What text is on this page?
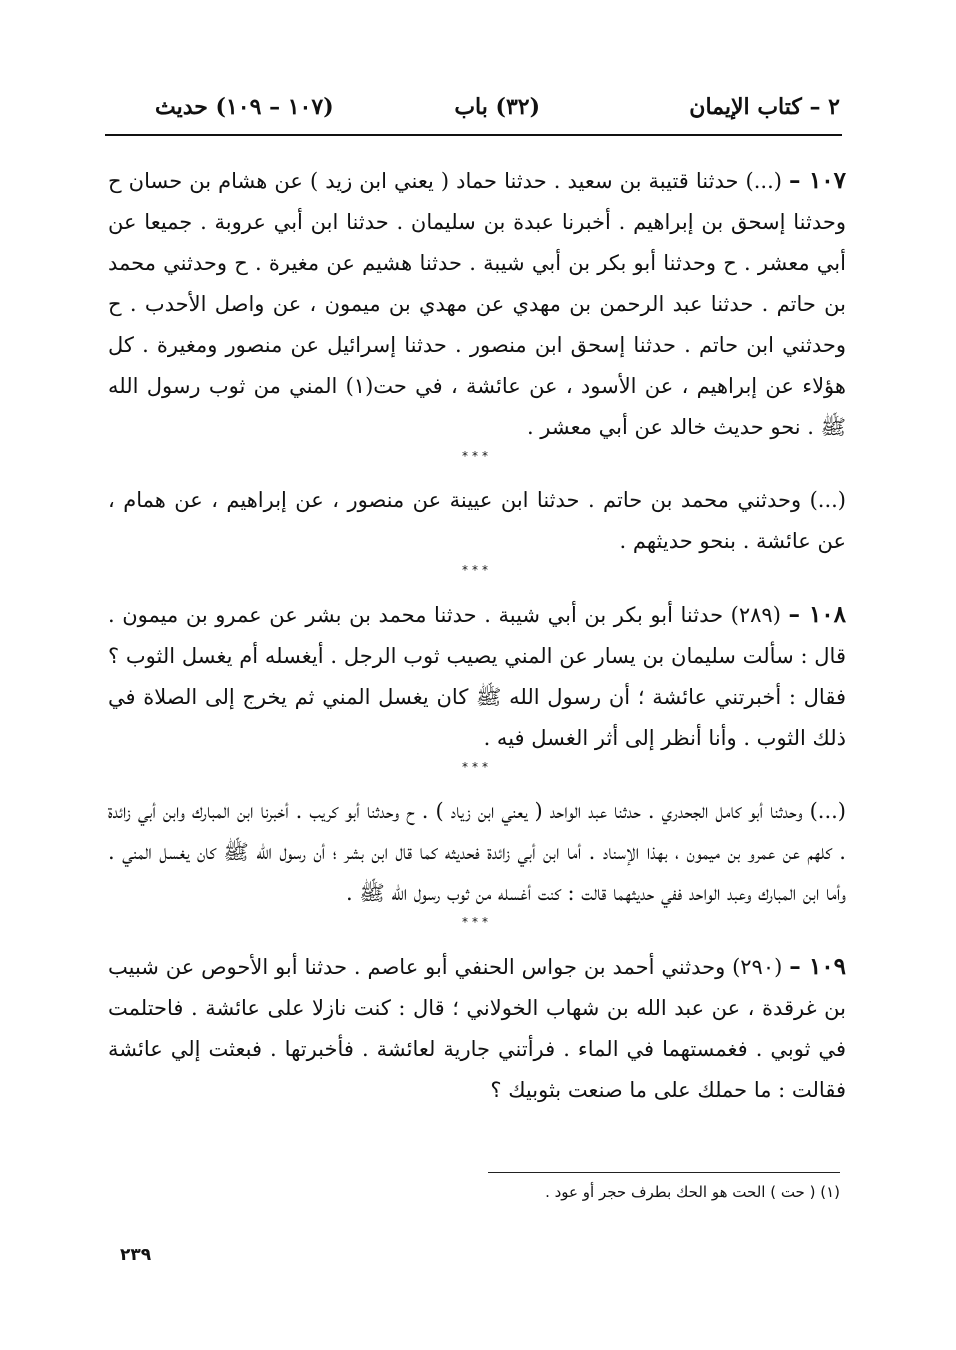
٢ – كتاب الإيمان
(٣٢) باب
(١٠٧ – ١٠٩) حديث

١٠٧ – (...) حدثنا قتيبة بن سعيد . حدثنا حماد ( يعني ابن زيد ) عن هشام بن حسان ح وحدثنا إسحق بن إبراهيم . أخبرنا عبدة بن سليمان . حدثنا ابن أبي عروبة . جميعا عن أبي معشر . ح وحدثنا أبو بكر بن أبي شيبة . حدثنا هشيم عن مغيرة . ح وحدثني محمد بن حاتم . حدثنا عبد الرحمن بن مهدي عن مهدي بن ميمون ، عن واصل الأحدب . ح وحدثني ابن حاتم . حدثنا إسحق ابن منصور . حدثنا إسرائيل عن منصور ومغيرة . كل هؤلاء عن إبراهيم ، عن الأسود ، عن عائشة ، في حت(١) المني من ثوب رسول الله ﷺ . نحو حديث خالد عن أبي معشر .

***

(...) وحدثني محمد بن حاتم . حدثنا ابن عيينة عن منصور ، عن إبراهيم ، عن همام ، عن عائشة . بنحو حديثهم .

***

١٠٨ – (٢٨٩) حدثنا أبو بكر بن أبي شيبة . حدثنا محمد بن بشر عن عمرو بن ميمون . قال : سألت سليمان بن يسار عن المني يصيب ثوب الرجل . أيغسله أم يغسل الثوب ؟ فقال : أخبرتني عائشة ؛ أن رسول الله ﷺ كان يغسل المني ثم يخرج إلى الصلاة في ذلك الثوب . وأنا أنظر إلى أثر الغسل فيه .

***

(...) وحدثنا أبو كامل الجحدري . حدثنا عبد الواحد ( يعني ابن زياد ) . ح وحدثنا أبو كريب . أخبرنا ابن المبارك وابن أبي زائدة . كلهم عن عمرو بن ميمون ، بهذا الإسناد . أما ابن أبي زائدة فحديثه كما قال ابن بشر ؛ أن رسول الله ﷺ كان يغسل المني . وأما ابن المبارك وعبد الواحد ففي حديثهما قالت : كنت أغسله من ثوب رسول الله ﷺ .

***

١٠٩ – (٢٩٠) وحدثني أحمد بن جواس الحنفي أبو عاصم . حدثنا أبو الأحوص عن شبيب بن غرقدة ، عن عبد الله بن شهاب الخولاني ؛ قال : كنت نازلا على عائشة . فاحتلمت في ثوبي . فغمستهما في الماء . فرأتني جارية لعائشة . فأخبرتها . فبعثت إلي عائشة فقالت : ما حملك على ما صنعت بثوبيك ؟

(١) ( حت ) الحت هو الحك بطرف حجر أو عود .
٢٣٩
